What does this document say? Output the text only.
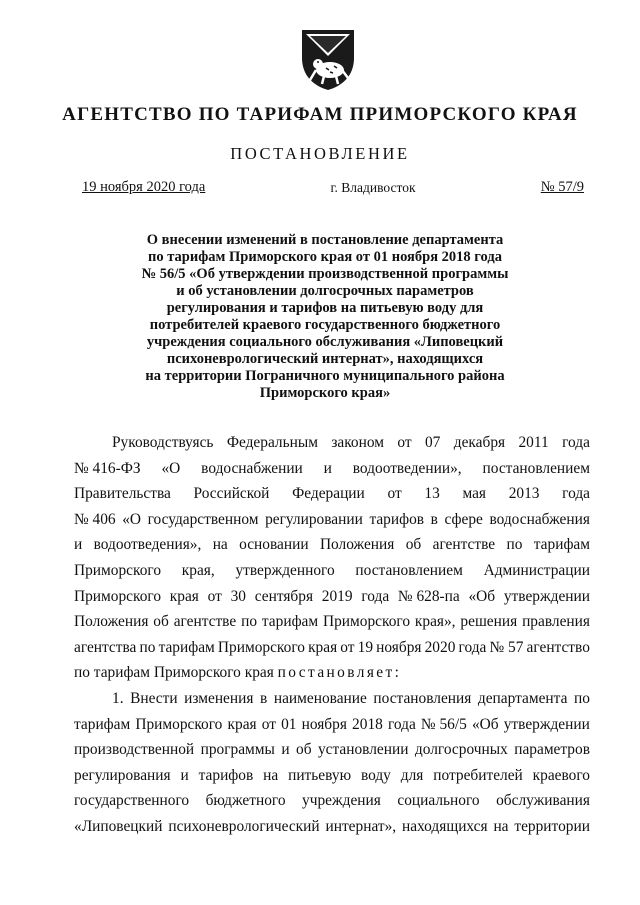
АГЕНТСТВО ПО ТАРИФАМ ПРИМОРСКОГО КРАЯ
ПОСТАНОВЛЕНИЕ
19 ноября 2020 года	г. Владивосток	№ 57/9
О внесении изменений в постановление департамента
по тарифам Приморского края от 01 ноября 2018 года
№ 56/5 «Об утверждении производственной программы
и об установлении долгосрочных параметров
регулирования и тарифов на питьевую воду для
потребителей краевого государственного бюджетного
учреждения социального обслуживания «Липовецкий
психоневрологический интернат», находящихся
на территории Пограничного муниципального района
Приморского края»
Руководствуясь Федеральным законом от 07 декабря 2011 года
№ 416-ФЗ «О водоснабжении и водоотведении», постановлением
Правительства Российской Федерации от 13 мая 2013 года
№ 406 «О государственном регулировании тарифов в сфере водоснабжения
и водоотведения», на основании Положения об агентстве по тарифам
Приморского края, утвержденного постановлением Администрации
Приморского края от 30 сентября 2019 года № 628-па «Об утверждении
Положения об агентстве по тарифам Приморского края», решения правления
агентства по тарифам Приморского края от 19 ноября 2020 года № 57 агентство
по тарифам Приморского края постановляет:
1. Внести изменения в наименование постановления департамента по
тарифам Приморского края от 01 ноября 2018 года № 56/5 «Об утверждении
производственной программы и об установлении долгосрочных параметров
регулирования и тарифов на питьевую воду для потребителей краевого
государственного бюджетного учреждения социального обслуживания
«Липовецкий психоневрологический интернат», находящихся на территории
